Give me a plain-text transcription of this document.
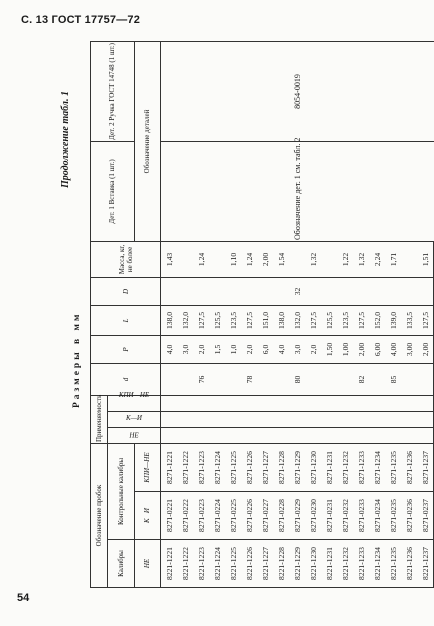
С. 13 ГОСТ 17757—72
54
Продолжение табл. 1
Размеры в мм
Обозначение пробок			Применяемость			d	P	L	D	Масса, кг, не более	Дет. 1 Вставка (1 шт.)	Дет. 2 Ручка ГОСТ 14748 (1 шт.)
Калибры	Контрольные калибры		НЕ	К—И	КПИ—НЕ							
НЕ	К   И	КПИ—НЕ									Обозначение деталей	
8221-1221	8271-0221	8271-1221					4,0	138,0		1,43	Обозначение дет. 1 см. табл. 2	8054-0019
8221-1222	8271-0222	8271-1222					3,0	132,0				
8221-1223	8271-0223	8271-1223				76	2,0	127,5		1,24		
8221-1224	8271-0224	8271-1224					1,5	125,5				
8221-1225	8271-0225	8271-1225					1,0	123,5		1,10		
8221-1226	8271-0226	8271-1226				78	2,0	127,5		1,24		
8221-1227	8271-0227	8271-1227					6,0	151,0		2,00		
8221-1228	8271-0228	8271-1228					4,0	138,0		1,54		
8221-1229	8271-0229	8271-1229				80	3,0	132,0	32			
8221-1230	8271-0230	8271-1230					2,0	127,5		1,32		
8221-1231	8271-0231	8271-1231					1,50	125,5				
8221-1232	8271-0232	8271-1232					1,00	123,5		1,22		
8221-1233	8271-0233	8271-1233				82	2,00	127,5		1,32		
8221-1234	8271-0234	8271-1234					6,00	152,0		2,24		
8221-1235	8271-0235	8271-1235				85	4,00	139,0		1,71		
8221-1236	8271-0236	8271-1236					3,00	133,5				
8221-1237	8271-0237	8271-1237					2,00	127,5		1,51		
